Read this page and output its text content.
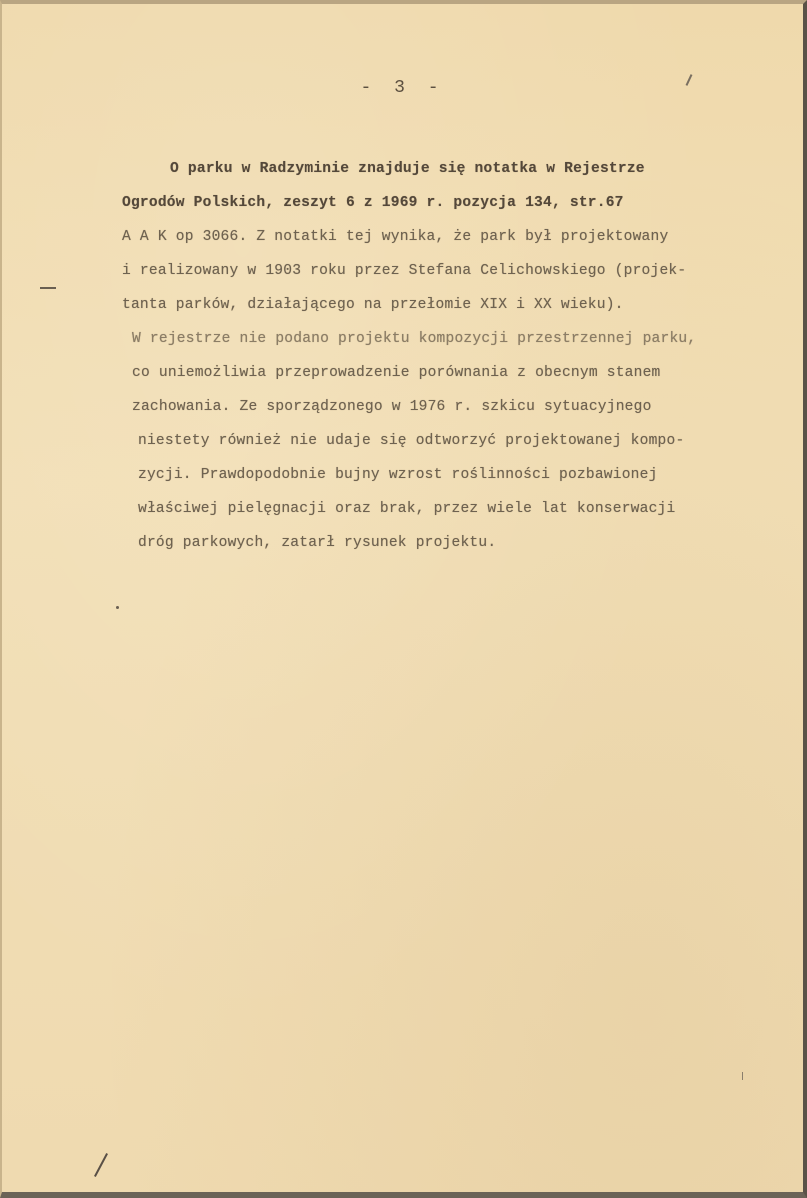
- 3 -
O parku w Radzyminie znajduje się notatka w Rejestrze
Ogrodów Polskich, zeszyt 6 z 1969 r. pozycja 134, str.67
A A K op 3066. Z notatki tej wynika, że park był projektowany
i realizowany w 1903 roku przez Stefana Celichowskiego (projek-
tanta parków, działającego na przełomie XIX i XX wieku).
W rejestrze nie podano projektu kompozycji przestrzennej parku,
co uniemożliwia przeprowadzenie porównania z obecnym stanem
zachowania. Ze sporządzonego w 1976 r. szkicu sytuacyjnego
niestety również nie udaje się odtworzyć projektowanej kompo-
zycji. Prawdopodobnie bujny wzrost roślinności pozbawionej
właściwej pielęgnacji oraz brak, przez wiele lat konserwacji
dróg parkowych, zatarł rysunek projektu.
